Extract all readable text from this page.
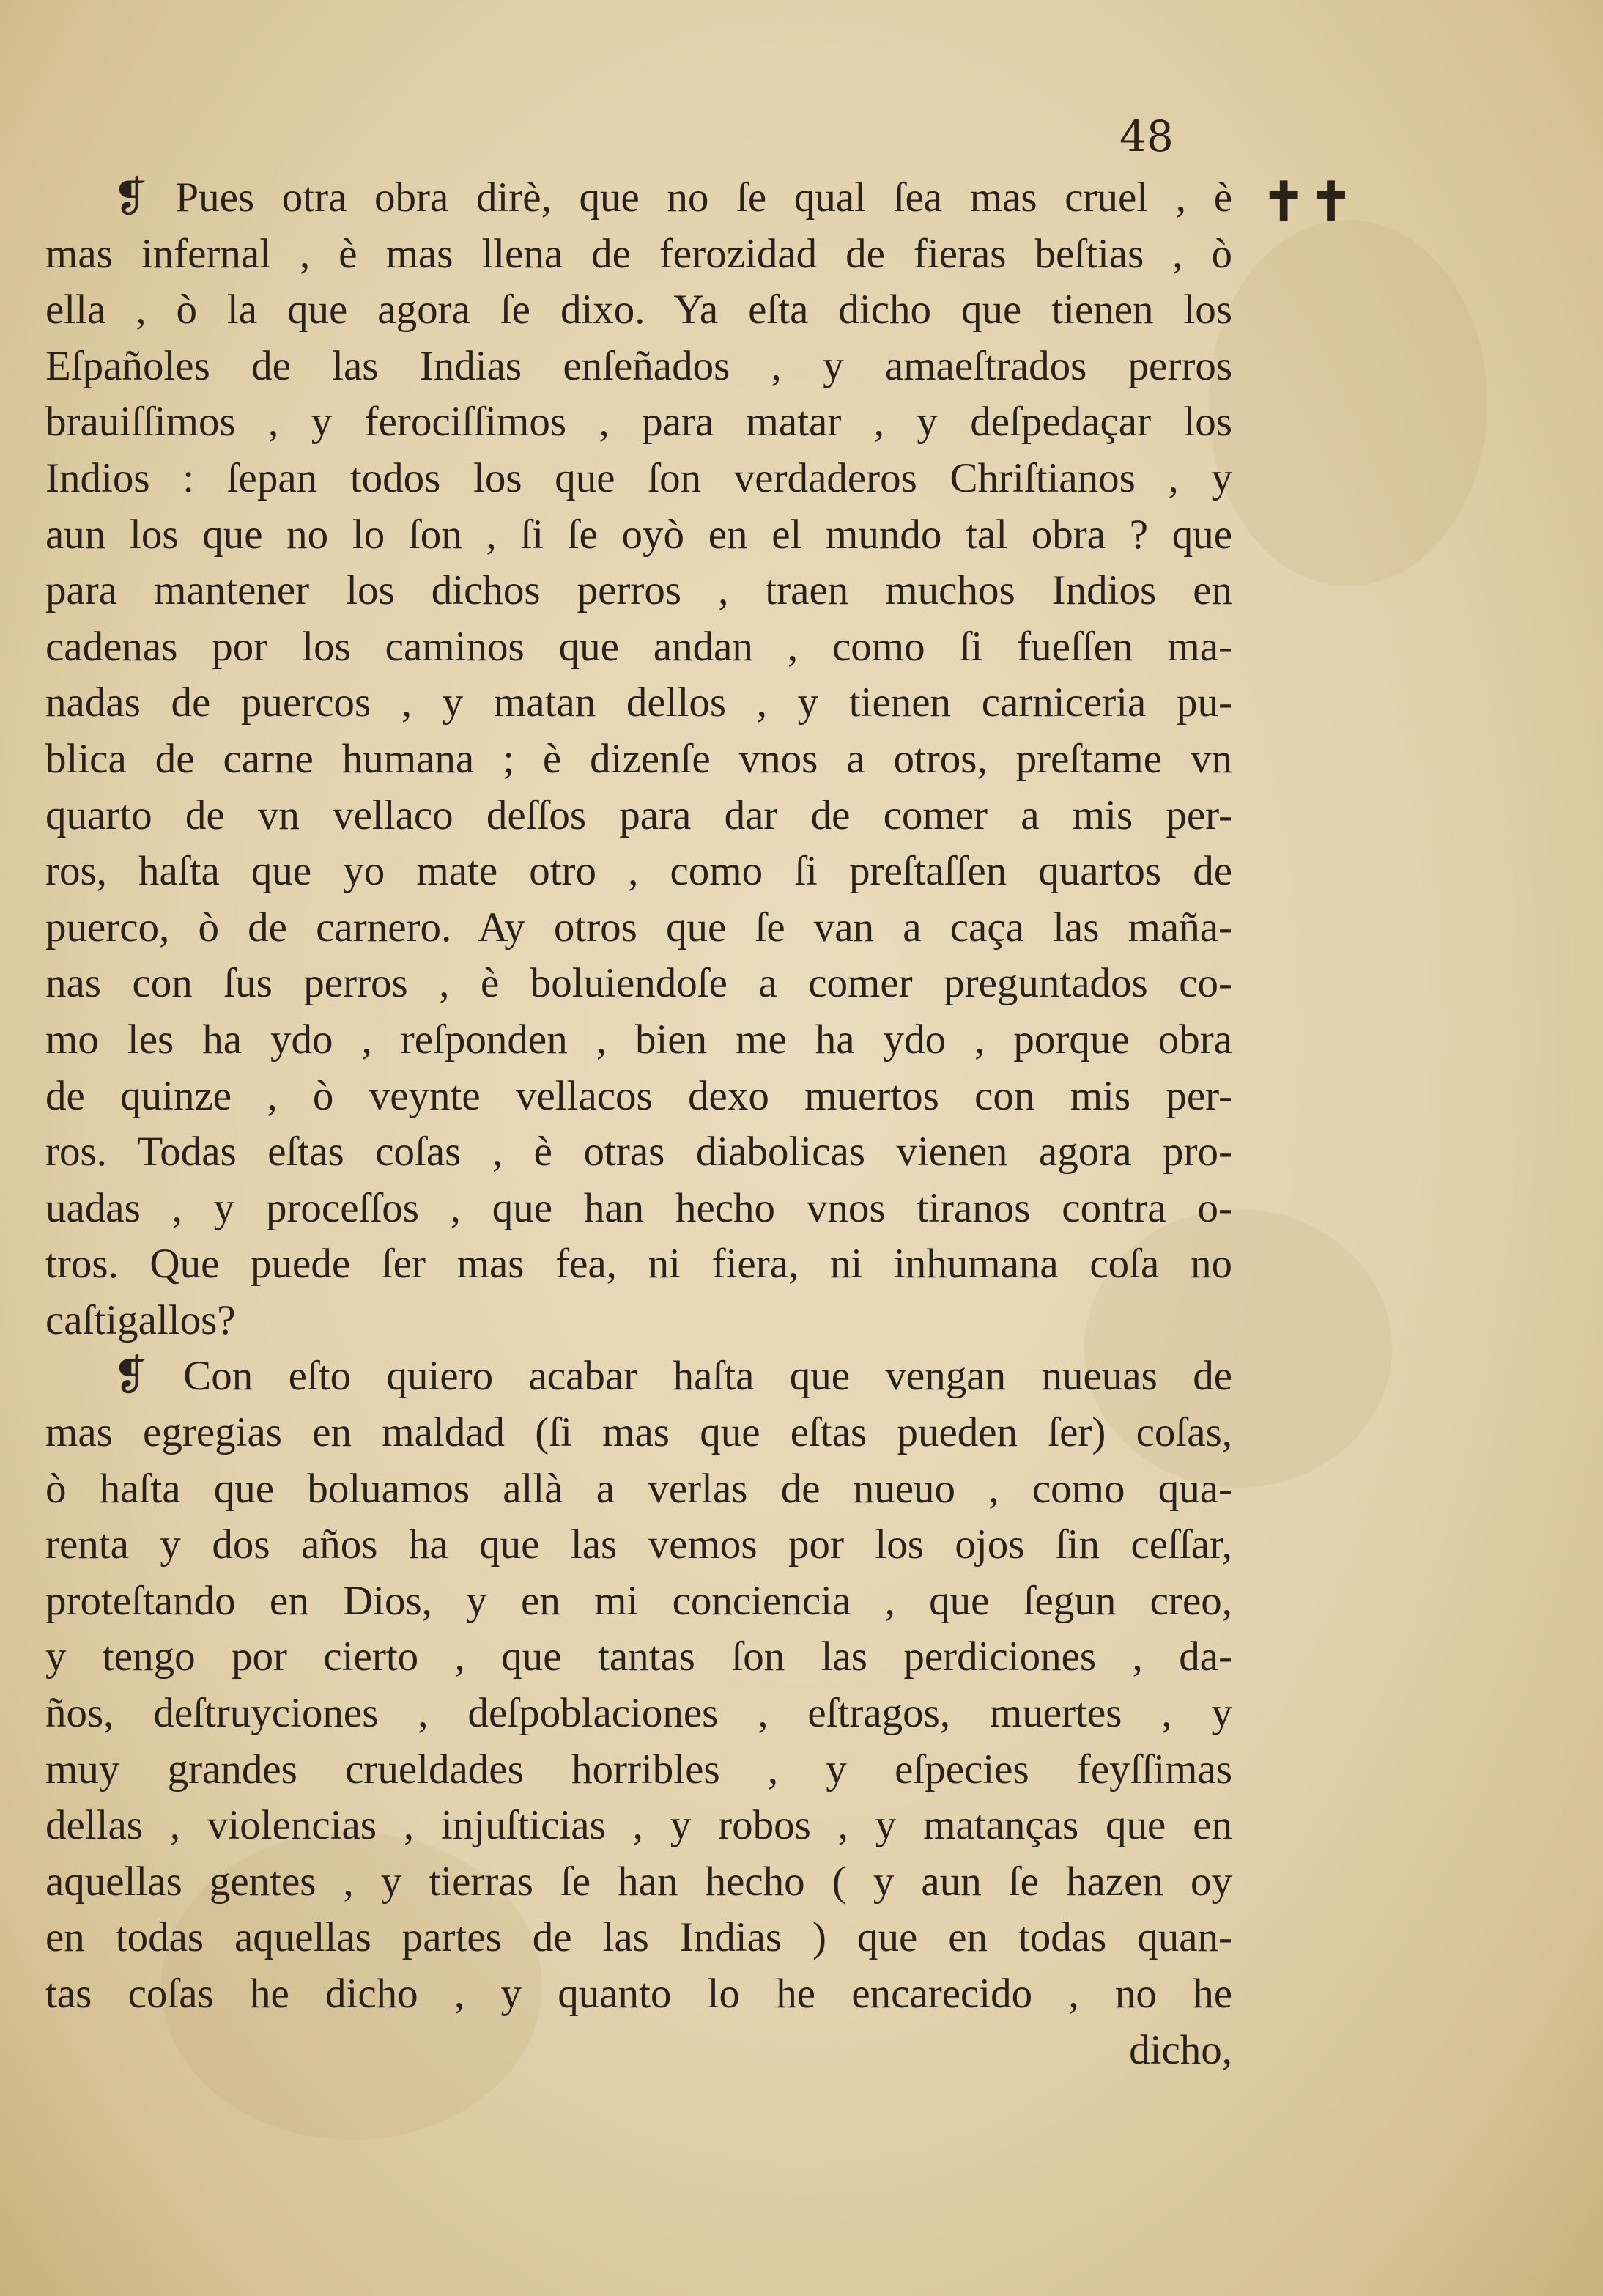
48
✝✝
❡ Pues otra obra dirè, que no ſe qual ſea mas cruel , è
mas infernal , è mas llena de ferozidad de fieras beſtias , ò
ella , ò la que agora ſe dixo. Ya eſta dicho que tienen los
Eſpañoles de las Indias enſeñados , y amaeſtrados perros
brauiſſimos , y ferociſſimos , para matar , y deſpedaçar los
Indios : ſepan todos los que ſon verdaderos Chriſtianos , y
aun los que no lo ſon , ſi ſe oyò en el mundo tal obra ? que
para mantener los dichos perros , traen muchos Indios en
cadenas por los caminos que andan , como ſi fueſſen ma-
nadas de puercos , y matan dellos , y tienen carniceria pu-
blica de carne humana ; è dizenſe vnos a otros, preſtame vn
quarto de vn vellaco deſſos para dar de comer a mis per-
ros, haſta que yo mate otro , como ſi preſtaſſen quartos de
puerco, ò de carnero. Ay otros que ſe van a caça las maña-
nas con ſus perros , è boluiendoſe a comer preguntados co-
mo les ha ydo , reſponden , bien me ha ydo , porque obra
de quinze , ò veynte vellacos dexo muertos con mis per-
ros. Todas eſtas coſas , è otras diabolicas vienen agora pro-
uadas , y proceſſos , que han hecho vnos tiranos contra o-
tros. Que puede ſer mas fea, ni fiera, ni inhumana coſa no
caſtigallos?
❡ Con eſto quiero acabar haſta que vengan nueuas de
mas egregias en maldad (ſi mas que eſtas pueden ſer) coſas,
ò haſta que boluamos allà a verlas de nueuo , como qua-
renta y dos años ha que las vemos por los ojos ſin ceſſar,
proteſtando en Dios, y en mi conciencia , que ſegun creo,
y tengo por cierto , que tantas ſon las perdiciones , da-
ños, deſtruyciones , deſpoblaciones , eſtragos, muertes , y
muy grandes crueldades horribles , y eſpecies feyſſimas
dellas , violencias , injuſticias , y robos , y matanças que en
aquellas gentes , y tierras ſe han hecho ( y aun ſe hazen oy
en todas aquellas partes de las Indias ) que en todas quan-
tas coſas he dicho , y quanto lo he encarecido , no he
dicho,
